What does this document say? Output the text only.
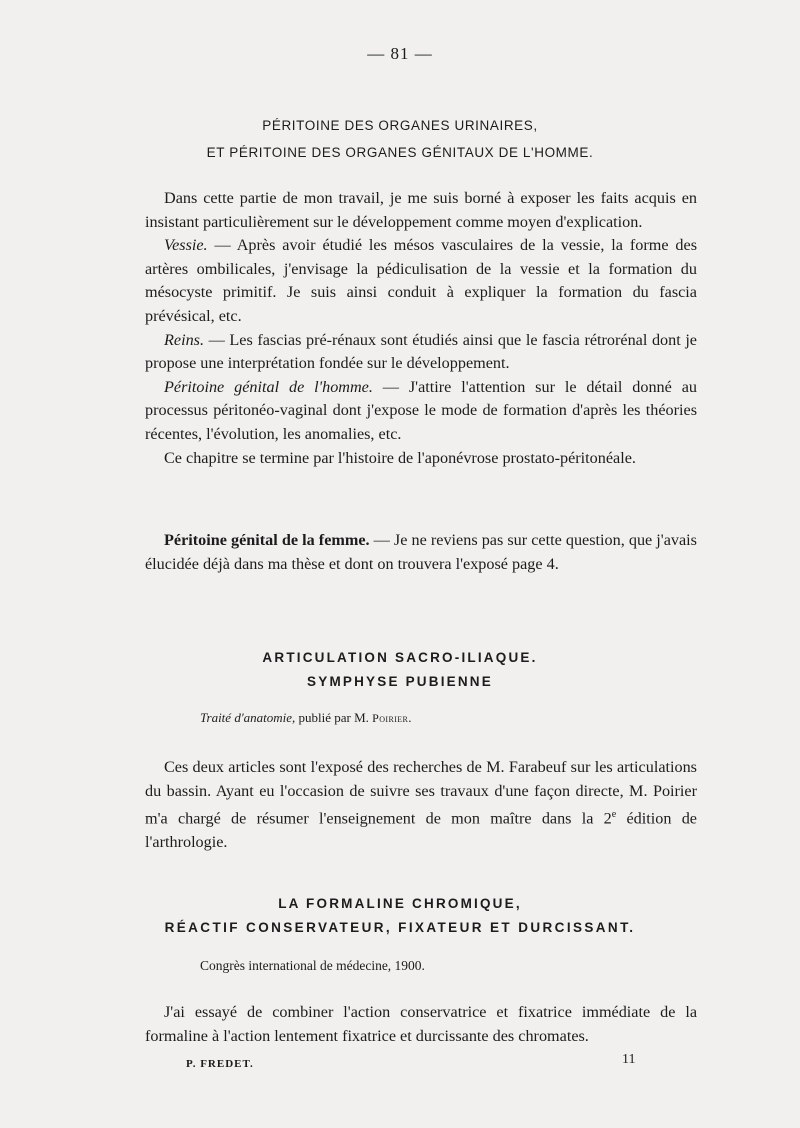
— 81 —
PÉRITOINE DES ORGANES URINAIRES,
ET PÉRITOINE DES ORGANES GÉNITAUX DE L'HOMME.

Dans cette partie de mon travail, je me suis borné à exposer les faits acquis en insistant particulièrement sur le développement comme moyen d'explication.

Vessie. — Après avoir étudié les mésos vasculaires de la vessie, la forme des artères ombilicales, j'envisage la pédiculisation de la vessie et la formation du mésocyste primitif. Je suis ainsi conduit à expliquer la formation du fascia prévésical, etc.

Reins. — Les fascias pré-rénaux sont étudiés ainsi que le fascia rétrorénal dont je propose une interprétation fondée sur le développement.

Péritoine génital de l'homme. — J'attire l'attention sur le détail donné au processus péritonéo-vaginal dont j'expose le mode de formation d'après les théories récentes, l'évolution, les anomalies, etc.

Ce chapitre se termine par l'histoire de l'aponévrose prostato-péritonéale.

Péritoine génital de la femme. — Je ne reviens pas sur cette question, que j'avais élucidée déjà dans ma thèse et dont on trouvera l'exposé page 4.

ARTICULATION SACRO-ILIAQUE.
SYMPHYSE PUBIENNE
Traité d'anatomie, publié par M. Poirier.

Ces deux articles sont l'exposé des recherches de M. Farabeuf sur les articulations du bassin. Ayant eu l'occasion de suivre ses travaux d'une façon directe, M. Poirier m'a chargé de résumer l'enseignement de mon maître dans la 2e édition de l'arthrologie.

LA FORMALINE CHROMIQUE,
RÉACTIF CONSERVATEUR, FIXATEUR ET DURCISSANT.
Congrès international de médecine, 1900.

J'ai essayé de combiner l'action conservatrice et fixatrice immédiate de la formaline à l'action lentement fixatrice et durcissante des chromates.

P. FREDET.	11
